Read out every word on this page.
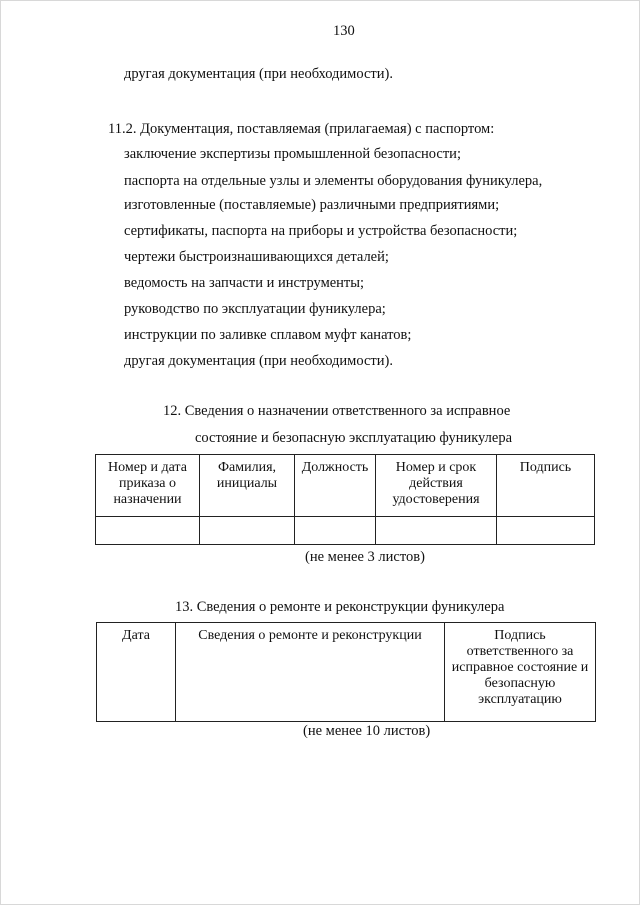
130
другая документация (при необходимости).
11.2. Документация, поставляемая (прилагаемая) с паспортом:
заключение экспертизы промышленной безопасности;
паспорта на отдельные узлы и элементы оборудования фуникулера,
изготовленные (поставляемые) различными предприятиями;
сертификаты, паспорта на приборы и устройства безопасности;
чертежи быстроизнашивающихся деталей;
ведомость на запчасти и инструменты;
руководство по эксплуатации фуникулера;
инструкции по заливке сплавом муфт канатов;
другая документация (при необходимости).
12. Сведения о назначении ответственного за исправное
состояние и безопасную эксплуатацию фуникулера
Номер и дата приказа о назначении	Фамилия, инициалы	Должность	Номер и срок действия удостоверения	Подпись

(не менее 3 листов)
13. Сведения о ремонте и реконструкции фуникулера
Дата	Сведения о ремонте и реконструкции	Подпись ответственного за исправное состояние и безопасную эксплуатацию
(не менее 10 листов)
